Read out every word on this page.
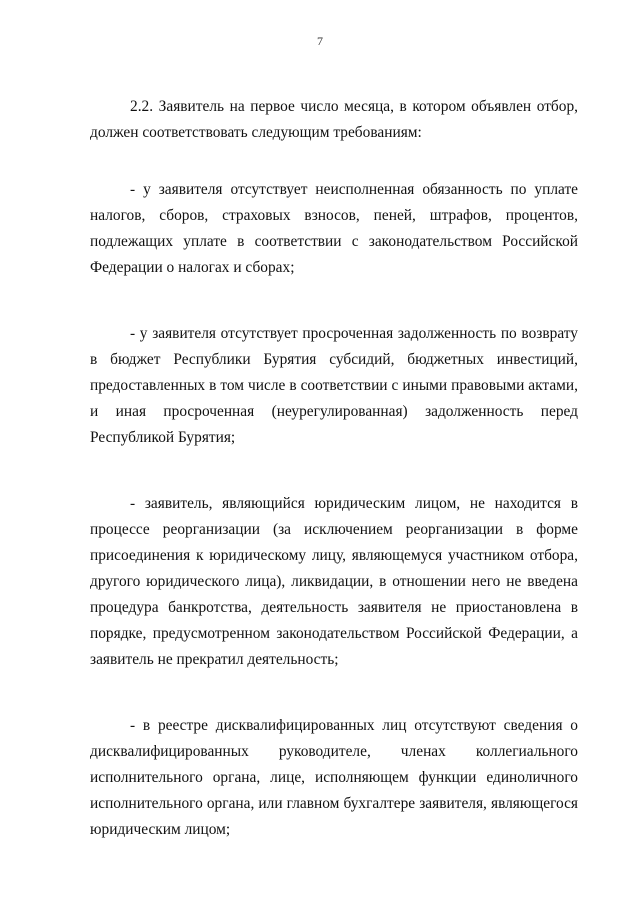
7

2.2. Заявитель на первое число месяца, в котором объявлен отбор, должен соответствовать следующим требованиям:

- у заявителя отсутствует неисполненная обязанность по уплате налогов, сборов, страховых взносов, пеней, штрафов, процентов, подлежащих уплате в соответствии с законодательством Российской Федерации о налогах и сборах;

- у заявителя отсутствует просроченная задолженность по возврату в бюджет Республики Бурятия субсидий, бюджетных инвестиций, предоставленных в том числе в соответствии с иными правовыми актами, и иная просроченная (неурегулированная) задолженность перед Республикой Бурятия;

- заявитель, являющийся юридическим лицом, не находится в процессе реорганизации (за исключением реорганизации в форме присоединения к юридическому лицу, являющемуся участником отбора, другого юридического лица), ликвидации, в отношении него не введена процедура банкротства, деятельность заявителя не приостановлена в порядке, предусмотренном законодательством Российской Федерации, а заявитель не прекратил деятельность;

- в реестре дисквалифицированных лиц отсутствуют сведения о дисквалифицированных руководителе, членах коллегиального исполнительного органа, лице, исполняющем функции единоличного исполнительного органа, или главном бухгалтере заявителя, являющегося юридическим лицом;
